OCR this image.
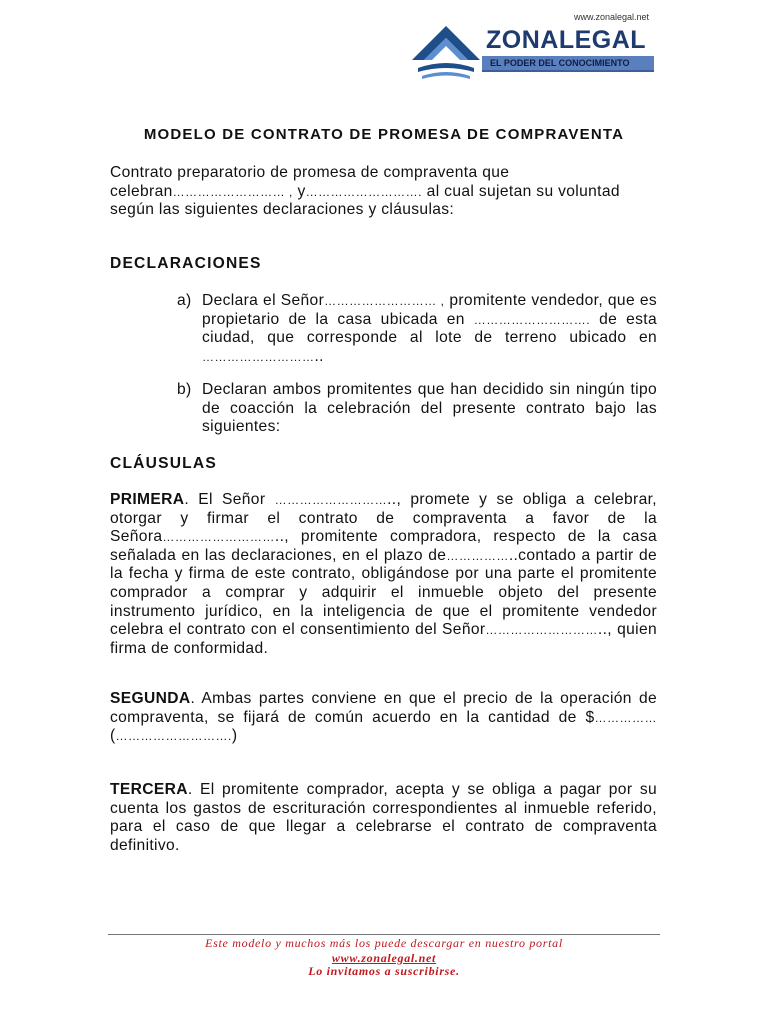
www.zonalegal.net
ZONALEGAL
EL PODER DEL CONOCIMIENTO

MODELO DE CONTRATO DE PROMESA DE COMPRAVENTA

Contrato preparatorio de promesa de compraventa que celebran……………………… , y………………………. al cual sujetan su voluntad según las siguientes declaraciones y cláusulas:

DECLARACIONES

a) Declara el Señor……………………… , promitente vendedor, que es propietario de la casa ubicada en ………………………. de esta ciudad, que corresponde al lote de terreno ubicado en ………………………..

b) Declaran ambos promitentes que han decidido sin ningún tipo de coacción la celebración del presente contrato bajo las siguientes:

CLÁUSULAS

PRIMERA. El Señor ……………………….., promete y se obliga a celebrar, otorgar y firmar el contrato de compraventa a favor de la Señora……………………….., promitente compradora, respecto de la casa señalada en las declaraciones, en el plazo de……………..contado a partir de la fecha y firma de este contrato, obligándose por una parte el promitente comprador a comprar y adquirir el inmueble objeto del presente instrumento jurídico, en la inteligencia de que el promitente vendedor celebra el contrato con el consentimiento del Señor……………………….., quien firma de conformidad.

SEGUNDA. Ambas partes conviene en que el precio de la operación de compraventa, se fijará de común acuerdo en la cantidad de $…………… (……………………….)

TERCERA. El promitente comprador, acepta y se obliga a pagar por su cuenta los gastos de escrituración correspondientes al inmueble referido, para el caso de que llegar a celebrarse el contrato de compraventa definitivo.

Este modelo y muchos más los puede descargar en nuestro portal

www.zonalegal.net

Lo invitamos a suscribirse.
